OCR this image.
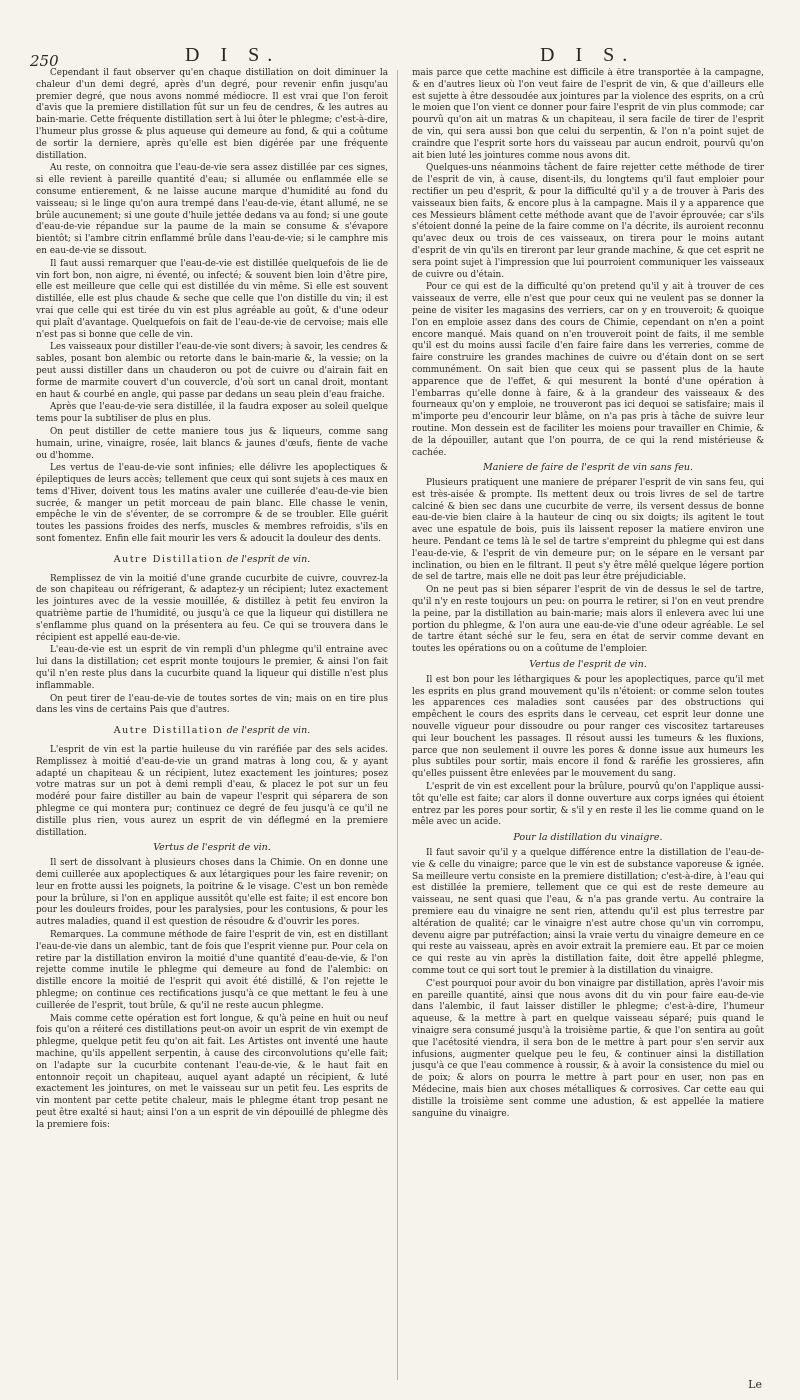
250	D I S.	D I S.

Cependant il faut observer qu'en chaque distillation on doit diminuer la chaleur d'un demi degré, après d'un degré, pour revenir enfin jusqu'au premier degré, que nous avons nommé médiocre. Il est vrai que l'on feroit d'avis que la premiere distillation fût sur un feu de cendres, & les autres au bain-marie. Cette fréquente distillation sert à lui ôter le phlegme; c'est-à-dire, l'humeur plus grosse & plus aqueuse qui demeure au fond, & qui a coûtume de sortir la derniere, après qu'elle est bien digérée par une fréquente distillation.

Au reste, on connoitra que l'eau-de-vie sera assez distillée par ces signes, si elle revient à pareille quantité d'eau; si allumée ou enflammée elle se consume entierement, & ne laisse aucune marque d'humidité au fond du vaisseau; si le linge qu'on aura trempé dans l'eau-de-vie, étant allumé, ne se brûle aucunement; si une goute d'huile jettée dedans va au fond; si une goute d'eau-de-vie répandue sur la paume de la main se consume & s'évapore bientôt; si l'ambre citrin enflammé brûle dans l'eau-de-vie; si le camphre mis en eau-de-vie se dissout.

Il faut aussi remarquer que l'eau-de-vie est distillée quelquefois de lie de vin fort bon, non aigre, ni éventé, ou infecté; & souvent bien loin d'être pire, elle est meilleure que celle qui est distillée du vin même. Si elle est souvent distillée, elle est plus chaude & seche que celle que l'on distille du vin; il est vrai que celle qui est tirée du vin est plus agréable au goût, & d'une odeur qui plaît d'avantage. Quelquefois on fait de l'eau-de-vie de cervoise; mais elle n'est pas si bonne que celle de vin.

Les vaisseaux pour distiller l'eau-de-vie sont divers; à savoir, les cendres & sables, posant bon alembic ou retorte dans le bain-marie &, la vessie; on la peut aussi distiller dans un chauderon ou pot de cuivre ou d'airain fait en forme de marmite couvert d'un couvercle, d'où sort un canal droit, montant en haut & courbé en angle, qui passe par dedans un seau plein d'eau fraiche.

Après que l'eau-de-vie sera distillée, il la faudra exposer au soleil quelque tems pour la subtiliser de plus en plus.

On peut distiller de cette maniere tous jus & liqueurs, comme sang humain, urine, vinaigre, rosée, lait blancs & jaunes d'œufs, fiente de vache ou d'homme.

Les vertus de l'eau-de-vie sont infinies; elle délivre les apoplectiques & épileptiques de leurs accès; tellement que ceux qui sont sujets à ces maux en tems d'Hiver, doivent tous les matins avaler une cuillerée d'eau-de-vie bien sucrée, & manger un petit morceau de pain blanc. Elle chasse le venin, empêche le vin de s'éventer, de se corrompre & de se troubler. Elle guérit toutes les passions froides des nerfs, muscles & membres refroidis, s'ils en sont fomentez. Enfin elle fait mourir les vers & adoucit la douleur des dents.

Autre Distillation de l'esprit de vin.

Remplissez de vin la moitié d'une grande cucurbite de cuivre, couvrez-la de son chapiteau ou réfrigerant, & adaptez-y un récipient; lutez exactement les jointures avec de la vessie mouillée, & distillez à petit feu environ la quatrième partie de l'humidité, ou jusqu'à ce que la liqueur qui distillera ne s'enflamme plus quand on la présentera au feu. Ce qui se trouvera dans le récipient est appellé eau-de-vie.

L'eau-de-vie est un esprit de vin rempli d'un phlegme qu'il entraine avec lui dans la distillation; cet esprit monte toujours le premier, & ainsi l'on fait qu'il n'en reste plus dans la cucurbite quand la liqueur qui distille n'est plus inflammable.

On peut tirer de l'eau-de-vie de toutes sortes de vin; mais on en tire plus dans les vins de certains Pais que d'autres.

Autre Distillation de l'esprit de vin.

L'esprit de vin est la partie huileuse du vin raréfiée par des sels acides. Remplissez à moitié d'eau-de-vie un grand matras à long cou, & y ayant adapté un chapiteau & un récipient, lutez exactement les jointures; posez votre matras sur un pot à demi rempli d'eau, & placez le pot sur un feu modéré pour faire distiller au bain de vapeur l'esprit qui séparera de son phlegme ce qui montera pur; continuez ce degré de feu jusqu'à ce qu'il ne distille plus rien, vous aurez un esprit de vin déflegmé en la premiere distillation.

Vertus de l'esprit de vin.

Il sert de dissolvant à plusieurs choses dans la Chimie. On en donne une demi cuillerée aux apoplectiques & aux létargiques pour les faire revenir; on leur en frotte aussi les poignets, la poitrine & le visage. C'est un bon remède pour la brûlure, si l'on en applique aussitôt qu'elle est faite; il est encore bon pour les douleurs froides, pour les paralysies, pour les contusions, & pour les autres maladies, quand il est question de résoudre & d'ouvrir les pores.

Remarques. La commune méthode de faire l'esprit de vin, est en distillant l'eau-de-vie dans un alembic, tant de fois que l'esprit vienne pur. Pour cela on retire par la distillation environ la moitié d'une quantité d'eau-de-vie, & l'on rejette comme inutile le phlegme qui demeure au fond de l'alembic: on distille encore la moitié de l'esprit qui avoit été distillé, & l'on rejette le phlegme; on continue ces rectifications jusqu'à ce que mettant le feu à une cuillerée de l'esprit, tout brûle, & qu'il ne reste aucun phlegme.

Mais comme cette opération est fort longue, & qu'à peine en huit ou neuf fois qu'on a réiteré ces distillations peut-on avoir un esprit de vin exempt de phlegme, quelque petit feu qu'on ait fait. Les Artistes ont inventé une haute machine, qu'ils appellent serpentin, à cause des circonvolutions qu'elle fait; on l'adapte sur la cucurbite contenant l'eau-de-vie, & le haut fait en entonnoir reçoit un chapiteau, auquel ayant adapté un récipient, & luté exactement les jointures, on met le vaisseau sur un petit feu. Les esprits de vin montent par cette petite chaleur, mais le phlegme étant trop pesant ne peut être exalté si haut; ainsi l'on a un esprit de vin dépouillé de phlegme dès la premiere fois:

mais parce que cette machine est difficile à être transportée à la campagne, & en d'autres lieux où l'on veut faire de l'esprit de vin, & que d'ailleurs elle est sujette à être dessoudée aux jointures par la violence des esprits, on a crû le moien que l'on vient ce donner pour faire l'esprit de vin plus commode; car pourvû qu'on ait un matras & un chapiteau, il sera facile de tirer de l'esprit de vin, qui sera aussi bon que celui du serpentin, & l'on n'a point sujet de craindre que l'esprit sorte hors du vaisseau par aucun endroit, pourvû qu'on ait bien luté les jointures comme nous avons dit.

Quelques-uns néanmoins tâchent de faire rejetter cette méthode de tirer de l'esprit de vin, à cause, disent-ils, du longtems qu'il faut emploier pour rectifier un peu d'esprit, & pour la difficulté qu'il y a de trouver à Paris des vaisseaux bien faits, & encore plus à la campagne. Mais il y a apparence que ces Messieurs blâment cette méthode avant que de l'avoir éprouvée; car s'ils s'étoient donné la peine de la faire comme on l'a décrite, ils auroient reconnu qu'avec deux ou trois de ces vaisseaux, on tirera pour le moins autant d'esprit de vin qu'ils en tireront par leur grande machine, & que cet esprit ne sera point sujet à l'impression que lui pourroient communiquer les vaisseaux de cuivre ou d'étain.

Pour ce qui est de la difficulté qu'on pretend qu'il y ait à trouver de ces vaisseaux de verre, elle n'est que pour ceux qui ne veulent pas se donner la peine de visiter les magasins des verriers, car on y en trouveroit; & quoique l'on en emploie assez dans des cours de Chimie, cependant on n'en a point encore manqué. Mais quand on n'en trouveroit point de faits, il me semble qu'il est du moins aussi facile d'en faire faire dans les verreries, comme de faire construire les grandes machines de cuivre ou d'étain dont on se sert communément. On sait bien que ceux qui se passent plus de la haute apparence que de l'effet, & qui mesurent la bonté d'une opération à l'embarras qu'elle donne à faire, & à la grandeur des vaisseaux & des fourneaux qu'on y emploie, ne trouveront pas ici dequoi se satisfaire; mais il m'importe peu d'encourir leur blâme, on n'a pas pris à tâche de suivre leur routine. Mon dessein est de faciliter les moiens pour travailler en Chimie, & de la dépouiller, autant que l'on pourra, de ce qui la rend mistérieuse & cachée.

Maniere de faire de l'esprit de vin sans feu.

Plusieurs pratiquent une maniere de préparer l'esprit de vin sans feu, qui est très-aisée & prompte. Ils mettent deux ou trois livres de sel de tartre calciné & bien sec dans une cucurbite de verre, ils versent dessus de bonne eau-de-vie bien claire à la hauteur de cinq ou six doigts; ils agitent le tout avec une espatule de bois, puis ils laissent reposer la matiere environ une heure. Pendant ce tems là le sel de tartre s'empreint du phlegme qui est dans l'eau-de-vie, & l'esprit de vin demeure pur; on le sépare en le versant par inclination, ou bien en le filtrant. Il peut s'y être mêlé quelque légere portion de sel de tartre, mais elle ne doit pas leur être préjudiciable.

On ne peut pas si bien séparer l'esprit de vin de dessus le sel de tartre, qu'il n'y en reste toujours un peu: on pourra le retirer, si l'on en veut prendre la peine, par la distillation au bain-marie; mais alors il enlevera avec lui une portion du phlegme, & l'on aura une eau-de-vie d'une odeur agréable. Le sel de tartre étant séché sur le feu, sera en état de servir comme devant en toutes les opérations ou on a coûtume de l'emploier.

Vertus de l'esprit de vin.

Il est bon pour les léthargiques & pour les apoplectiques, parce qu'il met les esprits en plus grand mouvement qu'ils n'étoient: or comme selon toutes les apparences ces maladies sont causées par des obstructions qui empêchent le cours des esprits dans le cerveau, cet esprit leur donne une nouvelle vigueur pour dissoudre ou pour ranger ces viscositez tartareuses qui leur bouchent les passages. Il résout aussi les tumeurs & les fluxions, parce que non seulement il ouvre les pores & donne issue aux humeurs les plus subtiles pour sortir, mais encore il fond & raréfie les grossieres, afin qu'elles puissent être enlevées par le mouvement du sang.

L'esprit de vin est excellent pour la brûlure, pourvû qu'on l'applique aussi-tôt qu'elle est faite; car alors il donne ouverture aux corps ignées qui étoient entrez par les pores pour sortir, & s'il y en reste il les lie comme quand on le mêle avec un acide.

Pour la distillation du vinaigre.

Il faut savoir qu'il y a quelque différence entre la distillation de l'eau-de-vie & celle du vinaigre; parce que le vin est de substance vaporeuse & ignée. Sa meilleure vertu consiste en la premiere distillation; c'est-à-dire, à l'eau qui est distillée la premiere, tellement que ce qui est de reste demeure au vaisseau, ne sent quasi que l'eau, & n'a pas grande vertu. Au contraire la premiere eau du vinaigre ne sent rien, attendu qu'il est plus terrestre par altération de qualité; car le vinaigre n'est autre chose qu'un vin corrompu, devenu aigre par putréfaction; ainsi la vraie vertu du vinaigre demeure en ce qui reste au vaisseau, après en avoir extrait la premiere eau. Et par ce moien ce qui reste au vin après la distillation faite, doit être appellé phlegme, comme tout ce qui sort tout le premier à la distillation du vinaigre.

C'est pourquoi pour avoir du bon vinaigre par distillation, après l'avoir mis en pareille quantité, ainsi que nous avons dit du vin pour faire eau-de-vie dans l'alembic, il faut laisser distiller le phlegme; c'est-à-dire, l'humeur aqueuse, & la mettre à part en quelque vaisseau séparé; puis quand le vinaigre sera consumé jusqu'à la troisième partie, & que l'on sentira au goût que l'acétosité viendra, il sera bon de le mettre à part pour s'en servir aux infusions, augmenter quelque peu le feu, & continuer ainsi la distillation jusqu'à ce que l'eau commence à roussir, & à avoir la consistence du miel ou de poix; & alors on pourra le mettre à part pour en user, non pas en Médecine, mais bien aux choses métalliques & corrosives. Car cette eau qui distille la troisième sent comme une adustion, & est appellée la matiere sanguine du vinaigre.

Le
